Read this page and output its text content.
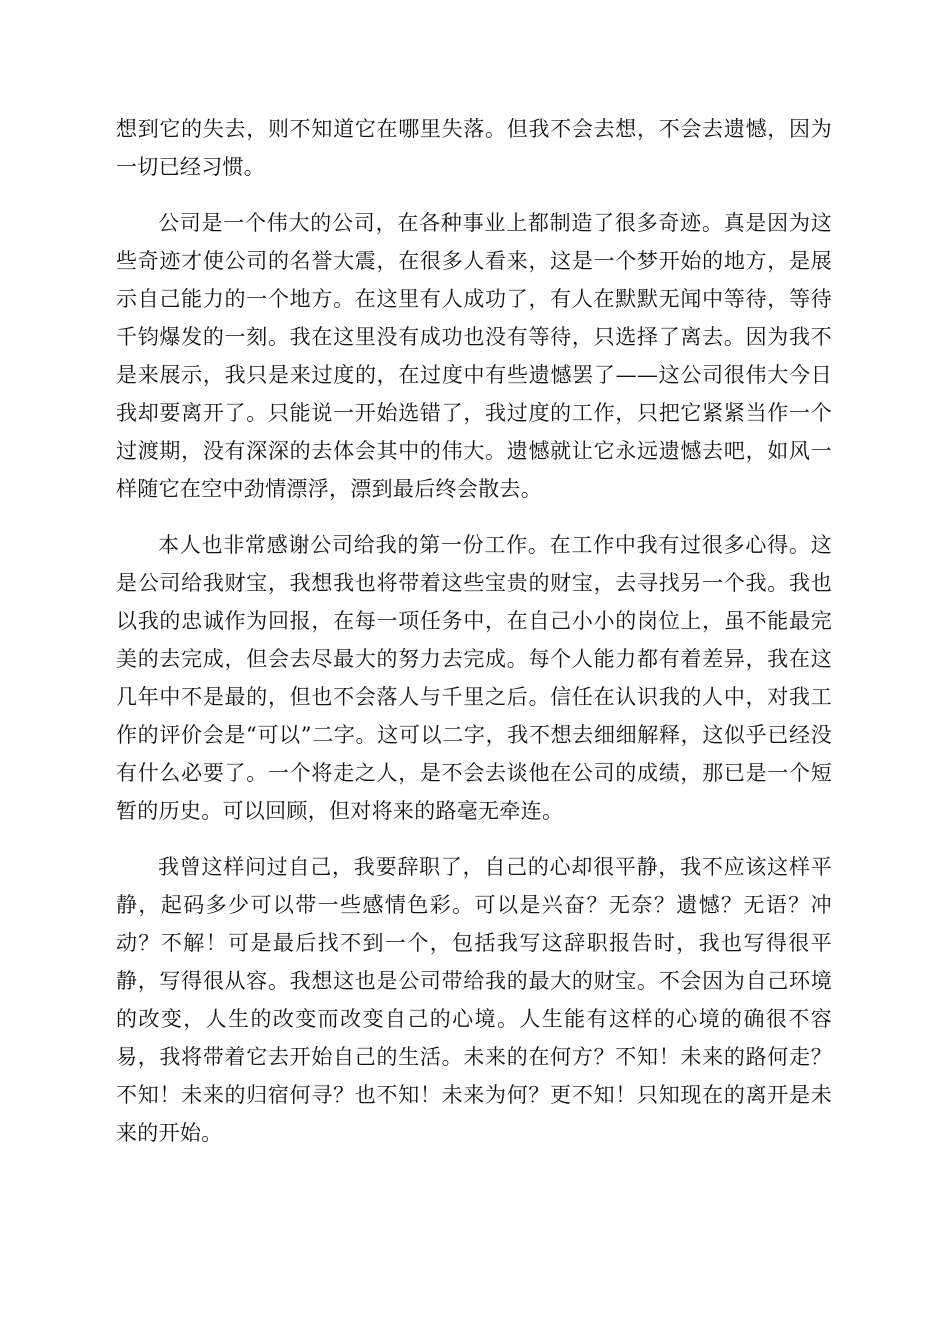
想到它的失去，则不知道它在哪里失落。但我不会去想，不会去遗憾，因为一切已经习惯。

公司是一个伟大的公司，在各种事业上都制造了很多奇迹。真是因为这些奇迹才使公司的名誉大震，在很多人看来，这是一个梦开始的地方，是展示自己能力的一个地方。在这里有人成功了，有人在默默无闻中等待，等待千钧爆发的一刻。我在这里没有成功也没有等待，只选择了离去。因为我不是来展示，我只是来过度的，在过度中有些遗憾罢了——这公司很伟大今日我却要离开了。只能说一开始选错了，我过度的工作，只把它紧紧当作一个过渡期，没有深深的去体会其中的伟大。遗憾就让它永远遗憾去吧，如风一样随它在空中劲情漂浮，漂到最后终会散去。

本人也非常感谢公司给我的第一份工作。在工作中我有过很多心得。这是公司给我财宝，我想我也将带着这些宝贵的财宝，去寻找另一个我。我也以我的忠诚作为回报，在每一项任务中，在自己小小的岗位上，虽不能最完美的去完成，但会去尽最大的努力去完成。每个人能力都有着差异，我在这几年中不是最的，但也不会落人与千里之后。信任在认识我的人中，对我工作的评价会是“可以”二字。这可以二字，我不想去细细解释，这似乎已经没有什么必要了。一个将走之人，是不会去谈他在公司的成绩，那已是一个短暂的历史。可以回顾，但对将来的路毫无牵连。

我曾这样问过自己，我要辞职了，自己的心却很平静，我不应该这样平静，起码多少可以带一些感情色彩。可以是兴奋？无奈？遗憾？无语？冲动？不解！可是最后找不到一个，包括我写这辞职报告时，我也写得很平静，写得很从容。我想这也是公司带给我的最大的财宝。不会因为自己环境的改变，人生的改变而改变自己的心境。人生能有这样的心境的确很不容易，我将带着它去开始自己的生活。未来的在何方？不知！未来的路何走？不知！未来的归宿何寻？也不知！未来为何？更不知！只知现在的离开是未来的开始。
